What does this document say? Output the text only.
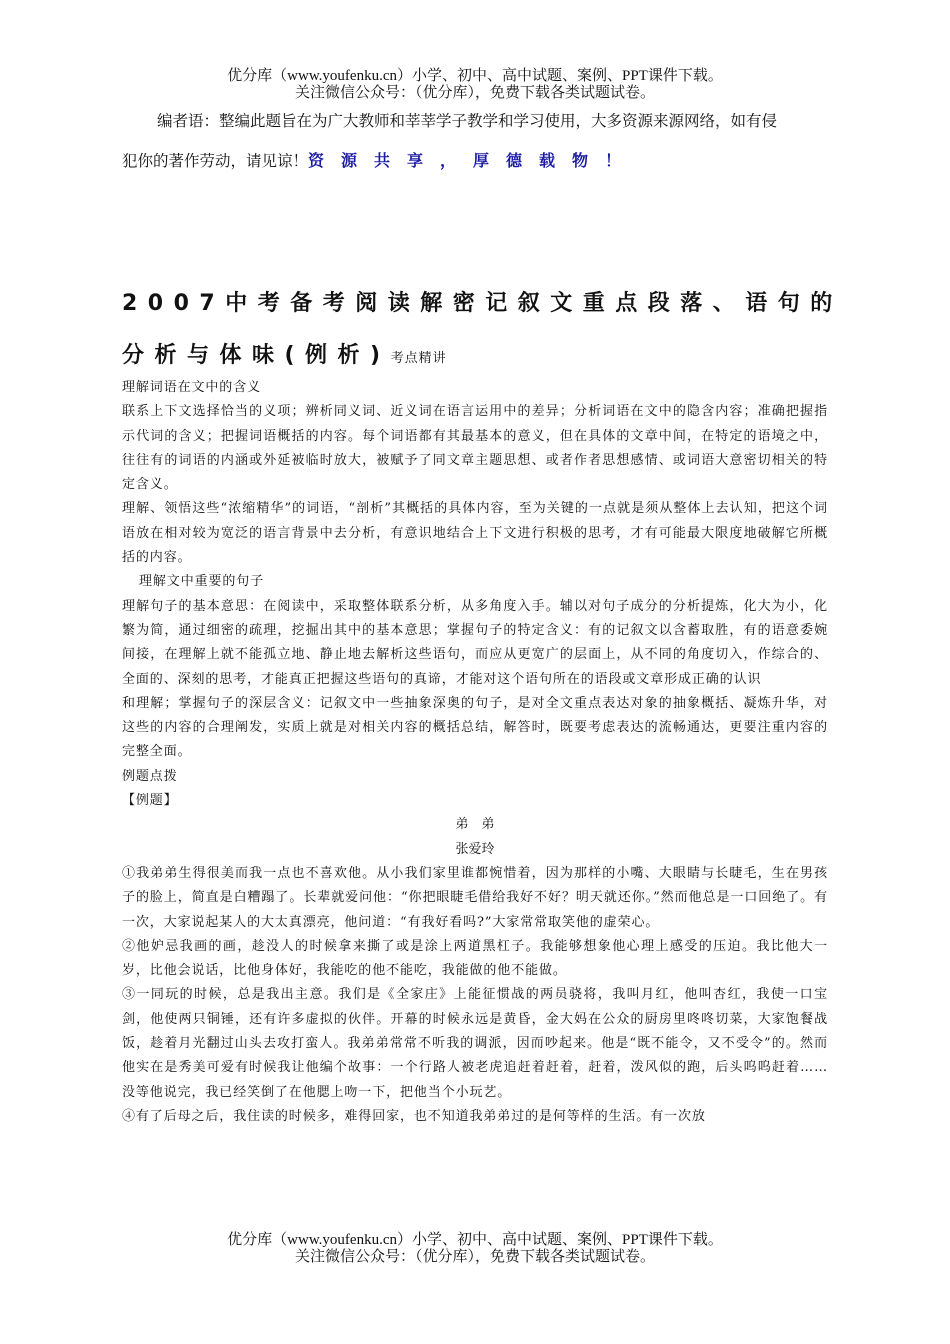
优分库（www.youfenku.cn）小学、初中、高中试题、案例、PPT课件下载。
关注微信公众号：（优分库），免费下载各类试题试卷。
编者语：整编此题旨在为广大教师和莘莘学子教学和学习使用，大多资源来源网络，如有侵
犯你的著作劳动，请见谅！资源共享，厚德载物！
2007中考备考阅读解密记叙文重点段落、语句的
分析与体味(例析)考点精讲
理解词语在文中的含义
联系上下文选择恰当的义项；辨析同义词、近义词在语言运用中的差异；分析词语在文中的隐含内容；准确把握指示代词的含义；把握词语概括的内容。每个词语都有其最基本的意义，但在具体的文章中间，在特定的语境之中，往往有的词语的内涵或外延被临时放大，被赋予了同文章主题思想、或者作者思想感情、或词语大意密切相关的特定含义。
理解、领悟这些“浓缩精华”的词语，“剖析”其概括的具体内容，至为关键的一点就是须从整体上去认知，把这个词语放在相对较为宽泛的语言背景中去分析，有意识地结合上下文进行积极的思考，才有可能最大限度地破解它所概括的内容。
理解文中重要的句子
理解句子的基本意思：在阅读中，采取整体联系分析，从多角度入手。辅以对句子成分的分析提炼，化大为小，化繁为简，通过细密的疏理，挖掘出其中的基本意思；掌握句子的特定含义：有的记叙文以含蓄取胜，有的语意委婉间接，在理解上就不能孤立地、静止地去解析这些语句，而应从更宽广的层面上，从不同的角度切入，作综合的、全面的、深刻的思考，才能真正把握这些语句的真谛，才能对这个语句所在的语段或文章形成正确的认识
和理解；掌握句子的深层含义：记叙文中一些抽象深奥的句子，是对全文重点表达对象的抽象概括、凝炼升华，对这些的内容的合理阐发，实质上就是对相关内容的概括总结，解答时，既要考虑表达的流畅通达，更要注重内容的完整全面。
例题点拨
【例题】
弟　弟
张爱玲
①我弟弟生得很美而我一点也不喜欢他。从小我们家里谁都惋惜着，因为那样的小嘴、大眼睛与长睫毛，生在男孩子的脸上，简直是白糟蹋了。长辈就爱问他：“你把眼睫毛借给我好不好？明天就还你。”然而他总是一口回绝了。有一次，大家说起某人的大太真漂亮，他问道：“有我好看吗?”大家常常取笑他的虚荣心。
②他妒忌我画的画，趁没人的时候拿来撕了或是涂上两道黑杠子。我能够想象他心理上感受的压迫。我比他大一岁，比他会说话，比他身体好，我能吃的他不能吃，我能做的他不能做。
③一同玩的时候，总是我出主意。我们是《全家庄》上能征惯战的两员骁将，我叫月红，他叫杏红，我使一口宝剑，他使两只铜锤，还有许多虚拟的伙伴。开幕的时候永远是黄昏，金大妈在公众的厨房里咚咚切菜，大家饱餐战饭，趁着月光翻过山头去攻打蛮人。我弟弟常常不听我的调派，因而吵起来。他是“既不能令，又不受令”的。然而他实在是秀美可爱有时候我让他编个故事：一个行路人被老虎追赶着赶着，赶着，泼风似的跑，后头呜呜赶着……没等他说完，我已经笑倒了在他腮上吻一下，把他当个小玩艺。
④有了后母之后，我住读的时候多，难得回家，也不知道我弟弟过的是何等样的生活。有一次放
优分库（www.youfenku.cn）小学、初中、高中试题、案例、PPT课件下载。
关注微信公众号：（优分库），免费下载各类试题试卷。
